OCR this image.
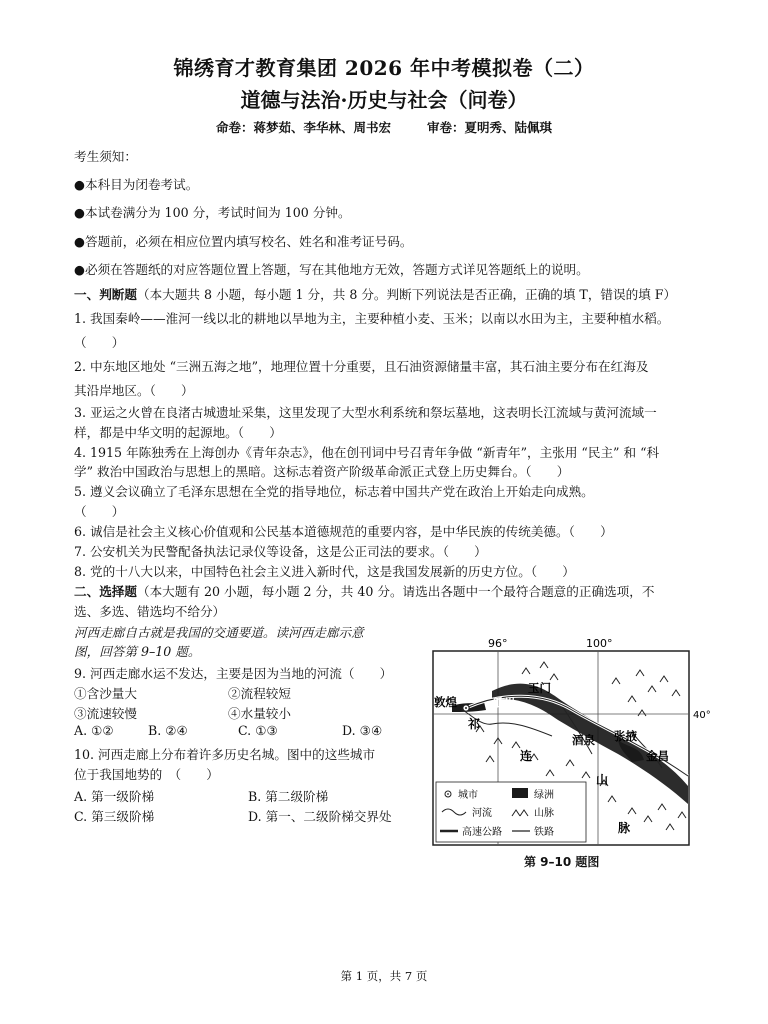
锦绣育才教育集团 2026 年中考模拟卷（二）
道德与法治·历史与社会（问卷）
命卷：蒋梦茹、李华林、周书宏	审卷：夏明秀、陆佩琪
考生须知：
●本科目为闭卷考试。
●本试卷满分为 100 分，考试时间为 100 分钟。
●答题前，必须在相应位置内填写校名、姓名和准考证号码。
●必须在答题纸的对应答题位置上答题，写在其他地方无效，答题方式详见答题纸上的说明。
一、判断题（本大题共 8 小题，每小题 1 分，共 8 分。判断下列说法是否正确，正确的填 T，错误的填 F）
1. 我国秦岭——淮河一线以北的耕地以旱地为主，主要种植小麦、玉米；以南以水田为主，主要种植水稻。
（　　）
2. 中东地区地处 “三洲五海之地”，地理位置十分重要，且石油资源储量丰富，其石油主要分布在红海及
其沿岸地区。（　　）
3. 亚运之火曾在良渚古城遗址采集，这里发现了大型水利系统和祭坛墓地，这表明长江流域与黄河流域一
样，都是中华文明的起源地。（　　）
4. 1915 年陈独秀在上海创办《青年杂志》，他在创刊词中号召青年争做 “新青年”，主张用 “民主” 和 “科
学” 救治中国政治与思想上的黑暗。这标志着资产阶级革命派正式登上历史舞台。（　　）
5. 遵义会议确立了毛泽东思想在全党的指导地位，标志着中国共产党在政治上开始走向成熟。
（　　）
6. 诚信是社会主义核心价值观和公民基本道德规范的重要内容，是中华民族的传统美德。（　　）
7. 公安机关为民警配备执法记录仪等设备，这是公正司法的要求。（　　）
8. 党的十八大以来，中国特色社会主义进入新时代，这是我国发展新的历史方位。（　　）
二、选择题（本大题有 20 小题，每小题 2 分，共 40 分。请选出各题中一个最符合题意的正确选项，不
选、多选、错选均不给分）
河西走廊自古就是我国的交通要道。读河西走廊示意
图，回答第 9–10 题。
9. 河西走廊水运不发达，主要是因为当地的河流（　　）
①含沙量大	②流程较短
③流速较慢	④水量较小
A. ①②	B. ②④	C. ①③	D. ③④
10. 河西走廊上分布着许多历史名城。图中的这些城市
位于我国地势的　（　　）
A. 第一级阶梯	B. 第二级阶梯
C. 第三级阶梯	D. 第一、二级阶梯交界处
96°	100°
40°
敦煌	瓜州
玉门
酒泉 张掖
金昌
祁
连
山
脉
城市	绿洲
河流	山脉
高速公路	铁路
第 9–10 题图
第 1 页，共 7 页
